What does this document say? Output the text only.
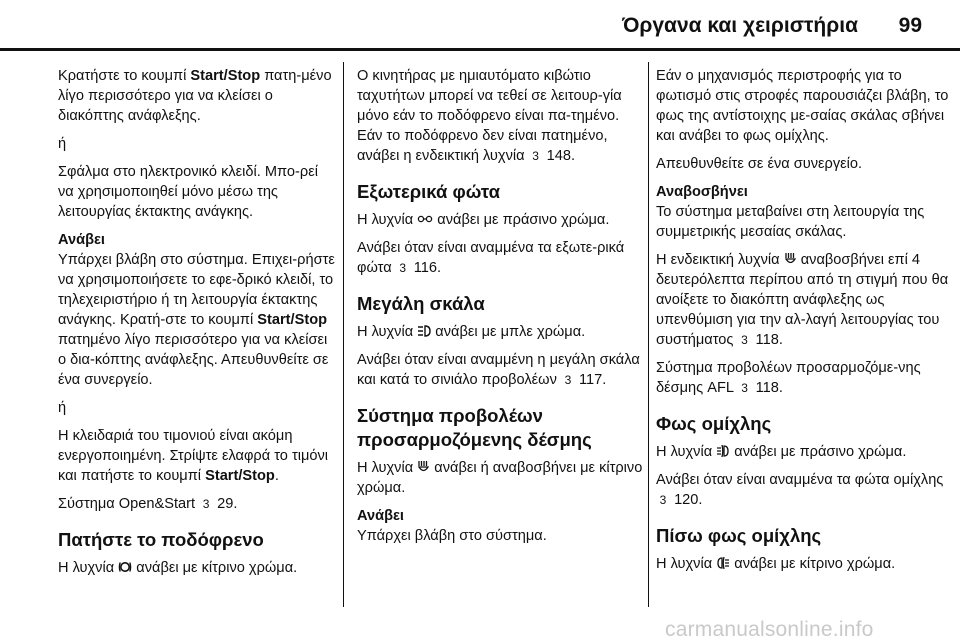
Όργανα και χειριστήρια 99

Κρατήστε το κουμπί Start/Stop πατη-μένο λίγο περισσότερο για να κλείσει ο διακόπτης ανάφλεξης.

ή

Σφάλμα στο ηλεκτρονικό κλειδί. Μπο-ρεί να χρησιμοποιηθεί μόνο μέσω της λειτουργίας έκτακτης ανάγκης.

Ανάβει

Υπάρχει βλάβη στο σύστημα. Επιχει-ρήστε να χρησιμοποιήσετε το εφε-δρικό κλειδί, το τηλεχειριστήριο ή τη λειτουργία έκτακτης ανάγκης. Κρατή-στε το κουμπί Start/Stop πατημένο λίγο περισσότερο για να κλείσει ο δια-κόπτης ανάφλεξης. Απευθυνθείτε σε ένα συνεργείο.

ή

Η κλειδαριά του τιμονιού είναι ακόμη ενεργοποιημένη. Στρίψτε ελαφρά το τιμόνι και πατήστε το κουμπί Start/Stop.

Σύστημα Open&Start 3 29.

Πατήστε το ποδόφρενο

Η λυχνία  ανάβει με κίτρινο χρώμα.

Ο κινητήρας με ημιαυτόματο κιβώτιο ταχυτήτων μπορεί να τεθεί σε λειτουρ-γία μόνο εάν το ποδόφρενο είναι πα-τημένο. Εάν το ποδόφρενο δεν είναι πατημένο, ανάβει η ενδεικτική λυχνία 3 148.

Εξωτερικά φώτα

Η λυχνία  ανάβει με πράσινο χρώμα.

Ανάβει όταν είναι αναμμένα τα εξωτε-ρικά φώτα 3 116.

Μεγάλη σκάλα

Η λυχνία  ανάβει με μπλε χρώμα.

Ανάβει όταν είναι αναμμένη η μεγάλη σκάλα και κατά το σινιάλο προβολέων 3 117.

Σύστημα προβολέων προσαρμοζόμενης δέσμης

Η λυχνία  ανάβει ή αναβοσβήνει με κίτρινο χρώμα.

Ανάβει

Υπάρχει βλάβη στο σύστημα.

Εάν ο μηχανισμός περιστροφής για το φωτισμό στις στροφές παρουσιάζει βλάβη, το φως της αντίστοιχης με-σαίας σκάλας σβήνει και ανάβει το φως ομίχλης.

Απευθυνθείτε σε ένα συνεργείο.

Αναβοσβήνει

Το σύστημα μεταβαίνει στη λειτουργία της συμμετρικής μεσαίας σκάλας.

Η ενδεικτική λυχνία  αναβοσβήνει επί 4 δευτερόλεπτα περίπου από τη στιγμή που θα ανοίξετε το διακόπτη ανάφλεξης ως υπενθύμιση για την αλ-λαγή λειτουργίας του συστήματος 3 118.

Σύστημα προβολέων προσαρμοζόμε-νης δέσμης AFL 3 118.

Φως ομίχλης

Η λυχνία  ανάβει με πράσινο χρώμα.

Ανάβει όταν είναι αναμμένα τα φώτα ομίχλης 3 120.

Πίσω φως ομίχλης

Η λυχνία  ανάβει με κίτρινο χρώμα.

carmanualsonline.info
